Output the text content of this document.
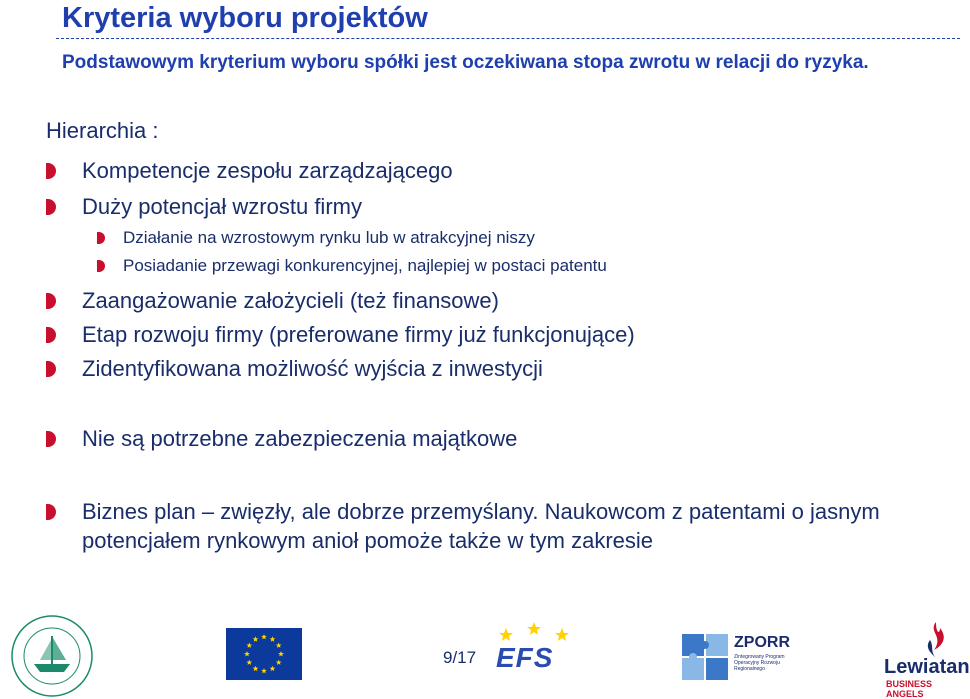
Kryteria wyboru projektów
Podstawowym kryterium wyboru spółki jest oczekiwana stopa zwrotu w relacji do ryzyka.
Hierarchia :
Kompetencje zespołu zarządzającego
Duży potencjał wzrostu firmy
Działanie na wzrostowym rynku lub w atrakcyjnej niszy
Posiadanie przewagi konkurencyjnej, najlepiej w postaci patentu
Zaangażowanie założycieli (też finansowe)
Etap rozwoju firmy (preferowane firmy już funkcjonujące)
Zidentyfikowana możliwość wyjścia z inwestycji
Nie są potrzebne zabezpieczenia majątkowe
Biznes plan – zwięzły, ale dobrze przemyślany. Naukowcom z patentami o jasnym potencjałem rynkowym anioł pomoże także w tym zakresie
9/17 EFS	ZPORR
Zintegrowany Program Operacyjny Rozwoju Regionalnego	Lewiatan
BUSINESS ANGELS
